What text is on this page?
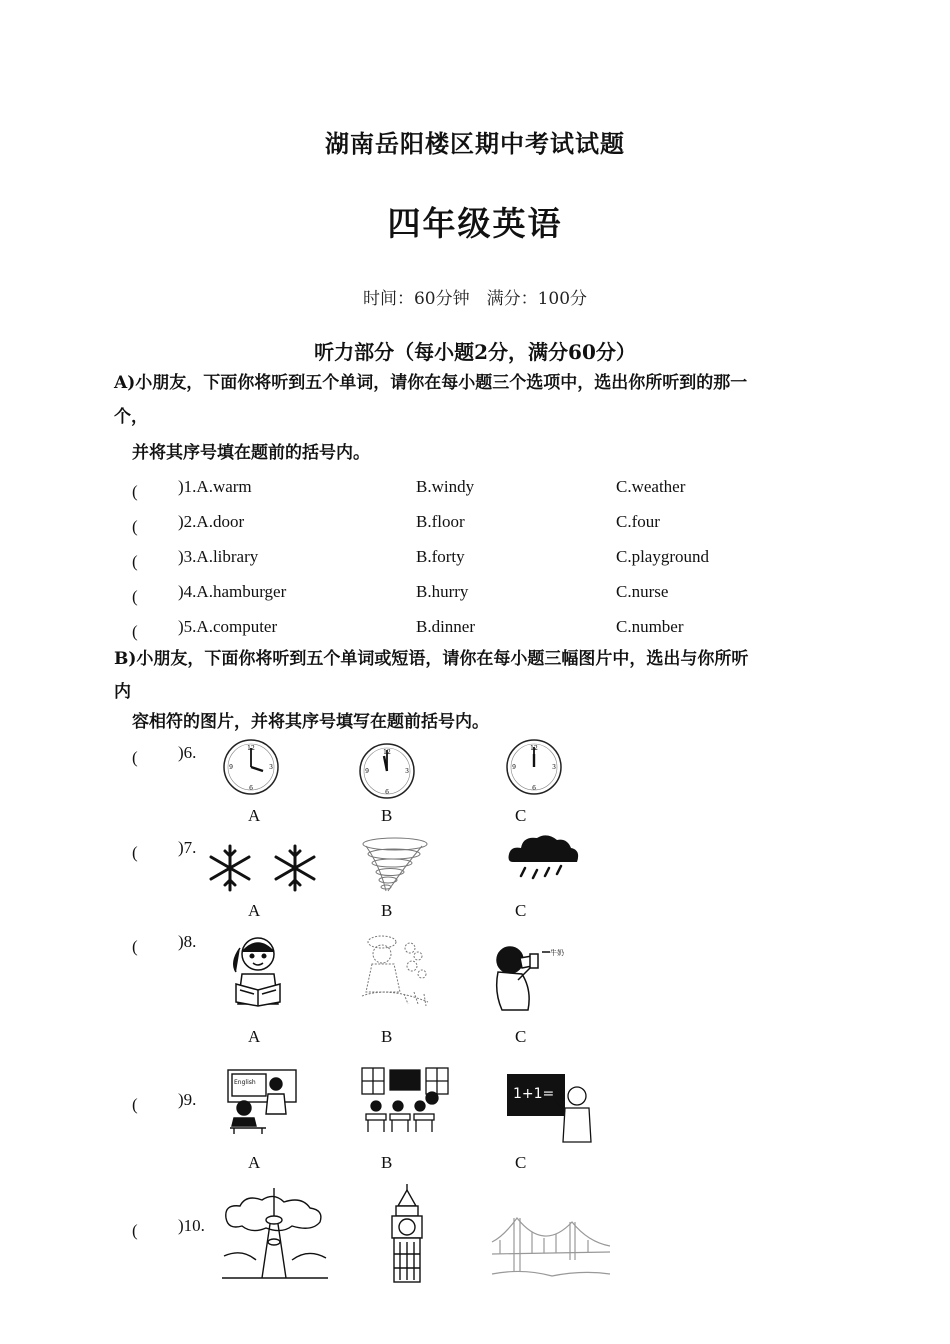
湖南岳阳楼区期中考试试题
四年级英语
时间：60分钟　满分：100分
听力部分（每小题2分，满分60分）
A)小朋友，下面你将听到五个单词，请你在每小题三个选项中，选出你所听到的那一
个，
并将其序号填在题前的括号内。
(　　 )1.A.warm	B.windy	C.weather
(　　 )2.A.door	B.floor	C.four
(　　 )3.A.library	B.forty	C.playground
(　　 )4.A.hamburger	B.hurry	C.nurse
(　　 )5.A.computer	B.dinner	C.number
B)小朋友，下面你将听到五个单词或短语，请你在每小题三幅图片中，选出与你所听
内
容相符的图片，并将其序号填写在题前括号内。
(　　 )6.	12
3
6
9
12
3
6
9
12
3
6
9
A	B	C
(　　 )7.
A	B	C
(　　 )8.
牛奶
A	B	C
(　　 )9.
English
1+1=
A	B	C
(　　 )10.
